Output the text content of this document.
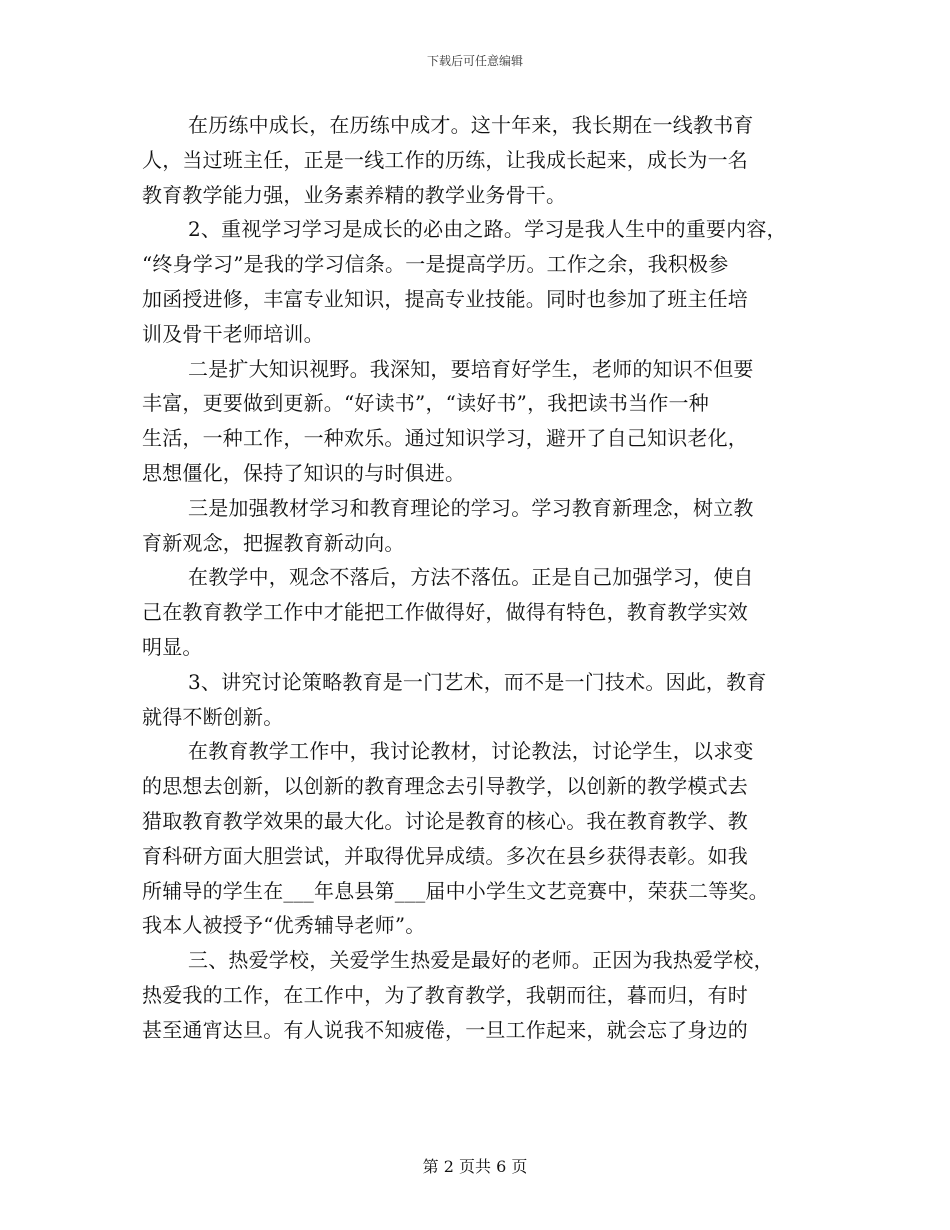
下载后可任意编辑
在历练中成长，在历练中成才。这十年来，我长期在一线教书育
人，当过班主任，正是一线工作的历练，让我成长起来，成长为一名
教育教学能力强，业务素养精的教学业务骨干。
2、重视学习学习是成长的必由之路。学习是我人生中的重要内容，
“终身学习”是我的学习信条。一是提高学历。工作之余，我积极参
加函授进修，丰富专业知识，提高专业技能。同时也参加了班主任培
训及骨干老师培训。
二是扩大知识视野。我深知，要培育好学生，老师的知识不但要
丰富，更要做到更新。“好读书”，“读好书”，我把读书当作一种
生活，一种工作，一种欢乐。通过知识学习，避开了自己知识老化，
思想僵化，保持了知识的与时俱进。
三是加强教材学习和教育理论的学习。学习教育新理念，树立教
育新观念，把握教育新动向。
在教学中，观念不落后，方法不落伍。正是自己加强学习，使自
己在教育教学工作中才能把工作做得好，做得有特色，教育教学实效
明显。
3、讲究讨论策略教育是一门艺术，而不是一门技术。因此，教育
就得不断创新。
在教育教学工作中，我讨论教材，讨论教法，讨论学生，以求变
的思想去创新，以创新的教育理念去引导教学，以创新的教学模式去
猎取教育教学效果的最大化。讨论是教育的核心。我在教育教学、教
育科研方面大胆尝试，并取得优异成绩。多次在县乡获得表彰。如我
所辅导的学生在___年息县第___届中小学生文艺竞赛中，荣获二等奖。
我本人被授予“优秀辅导老师”。
三、热爱学校，关爱学生热爱是最好的老师。正因为我热爱学校，
热爱我的工作，在工作中，为了教育教学，我朝而往，暮而归，有时
甚至通宵达旦。有人说我不知疲倦，一旦工作起来，就会忘了身边的
第 2 页共 6 页
